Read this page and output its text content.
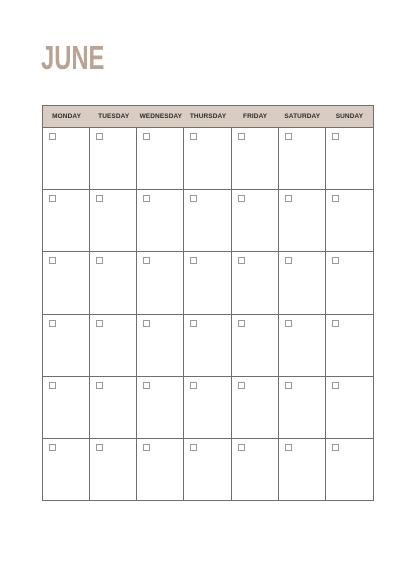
JUNE
MONDAY	TUESDAY	WEDNESDAY	THURSDAY	FRIDAY	SATURDAY	SUNDAY
